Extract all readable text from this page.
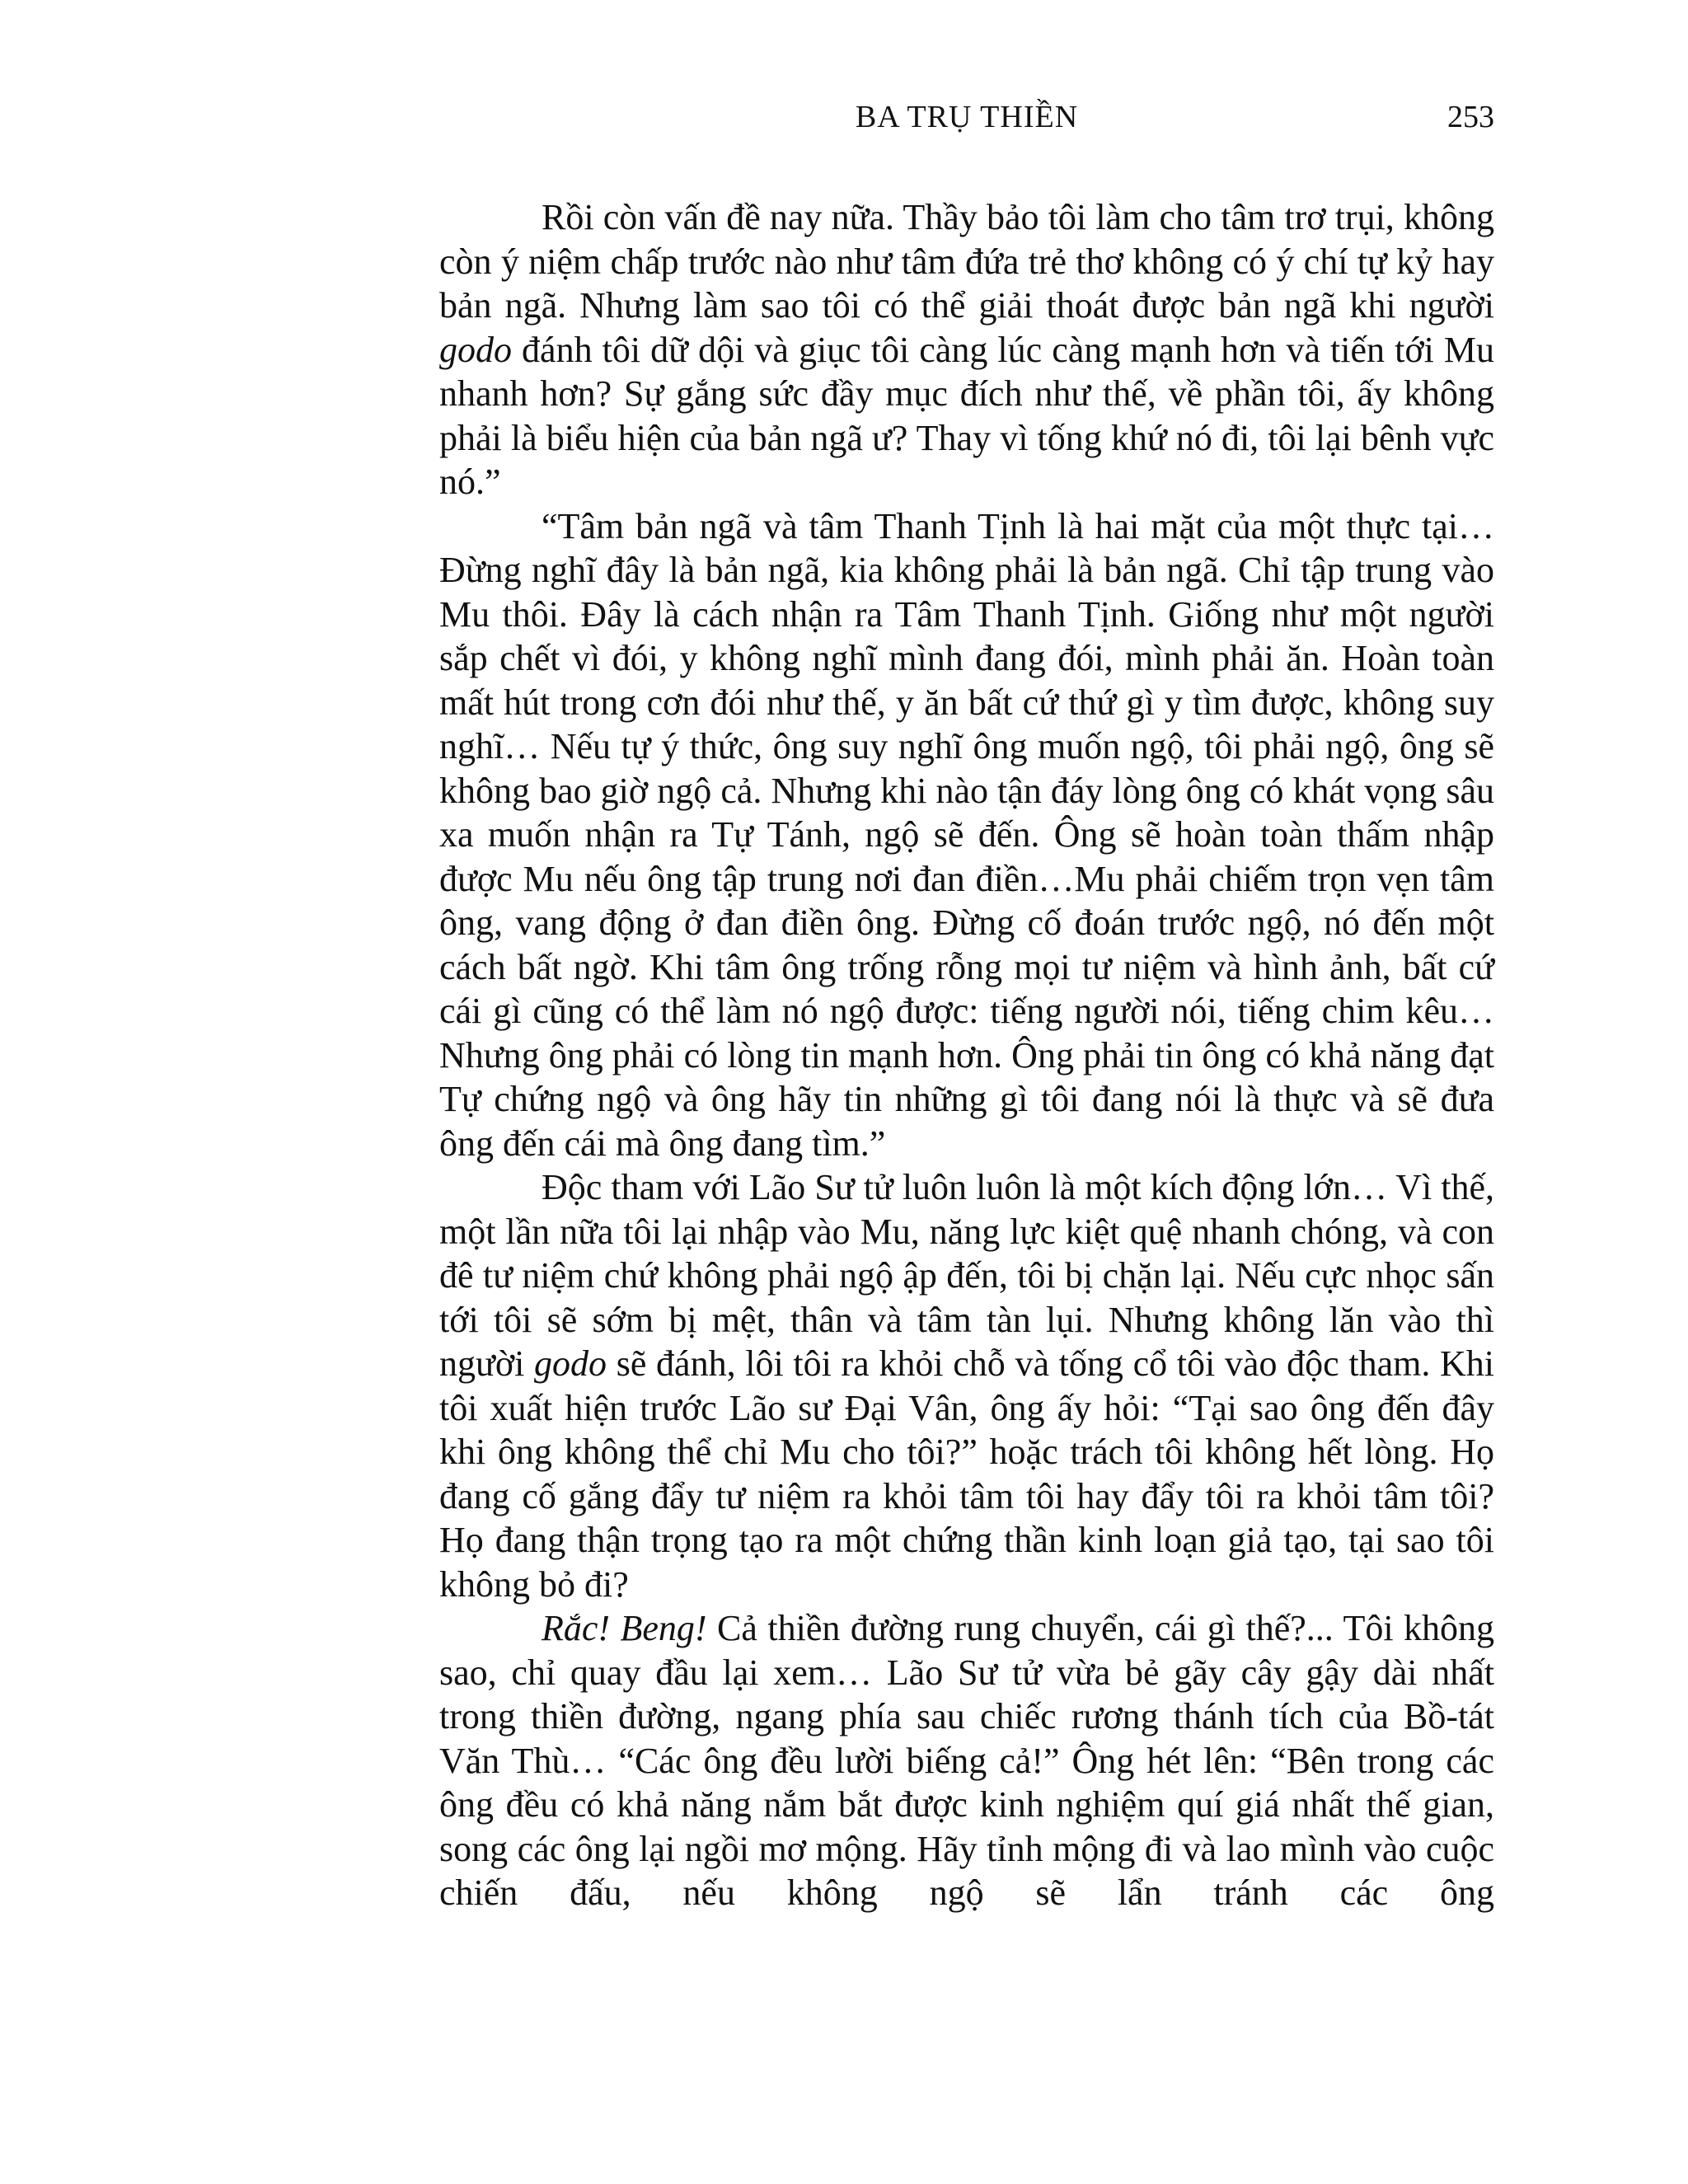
BA TRỤ THIỀN	253

Rồi còn vấn đề nay nữa. Thầy bảo tôi làm cho tâm trơ trụi, không còn ý niệm chấp trước nào như tâm đứa trẻ thơ không có ý chí tự kỷ hay bản ngã. Nhưng làm sao tôi có thể giải thoát được bản ngã khi người godo đánh tôi dữ dội và giục tôi càng lúc càng mạnh hơn và tiến tới Mu nhanh hơn? Sự gắng sức đầy mục đích như thế, về phần tôi, ấy không phải là biểu hiện của bản ngã ư? Thay vì tống khứ nó đi, tôi lại bênh vực nó.”

“Tâm bản ngã và tâm Thanh Tịnh là hai mặt của một thực tại… Đừng nghĩ đây là bản ngã, kia không phải là bản ngã. Chỉ tập trung vào Mu thôi. Đây là cách nhận ra Tâm Thanh Tịnh. Giống như một người sắp chết vì đói, y không nghĩ mình đang đói, mình phải ăn. Hoàn toàn mất hút trong cơn đói như thế, y ăn bất cứ thứ gì y tìm được, không suy nghĩ… Nếu tự ý thức, ông suy nghĩ ông muốn ngộ, tôi phải ngộ, ông sẽ không bao giờ ngộ cả. Nhưng khi nào tận đáy lòng ông có khát vọng sâu xa muốn nhận ra Tự Tánh, ngộ sẽ đến. Ông sẽ hoàn toàn thấm nhập được Mu nếu ông tập trung nơi đan điền…Mu phải chiếm trọn vẹn tâm ông, vang động ở đan điền ông. Đừng cố đoán trước ngộ, nó đến một cách bất ngờ. Khi tâm ông trống rỗng mọi tư niệm và hình ảnh, bất cứ cái gì cũng có thể làm nó ngộ được: tiếng người nói, tiếng chim kêu… Nhưng ông phải có lòng tin mạnh hơn. Ông phải tin ông có khả năng đạt Tự chứng ngộ và ông hãy tin những gì tôi đang nói là thực và sẽ đưa ông đến cái mà ông đang tìm.”

Độc tham với Lão Sư tử luôn luôn là một kích động lớn… Vì thế, một lần nữa tôi lại nhập vào Mu, năng lực kiệt quệ nhanh chóng, và con đê tư niệm chứ không phải ngộ ập đến, tôi bị chặn lại. Nếu cực nhọc sấn tới tôi sẽ sớm bị mệt, thân và tâm tàn lụi. Nhưng không lăn vào thì người godo sẽ đánh, lôi tôi ra khỏi chỗ và tống cổ tôi vào độc tham. Khi tôi xuất hiện trước Lão sư Đại Vân, ông ấy hỏi: “Tại sao ông đến đây khi ông không thể chỉ Mu cho tôi?” hoặc trách tôi không hết lòng. Họ đang cố gắng đẩy tư niệm ra khỏi tâm tôi hay đẩy tôi ra khỏi tâm tôi? Họ đang thận trọng tạo ra một chứng thần kinh loạn giả tạo, tại sao tôi không bỏ đi?

Rắc! Beng! Cả thiền đường rung chuyển, cái gì thế?... Tôi không sao, chỉ quay đầu lại xem… Lão Sư tử vừa bẻ gãy cây gậy dài nhất trong thiền đường, ngang phía sau chiếc rương thánh tích của Bồ-tát Văn Thù… “Các ông đều lười biếng cả!” Ông hét lên: “Bên trong các ông đều có khả năng nắm bắt được kinh nghiệm quí giá nhất thế gian, song các ông lại ngồi mơ mộng. Hãy tỉnh mộng đi và lao mình vào cuộc chiến đấu, nếu không ngộ sẽ lẩn tránh các ông
